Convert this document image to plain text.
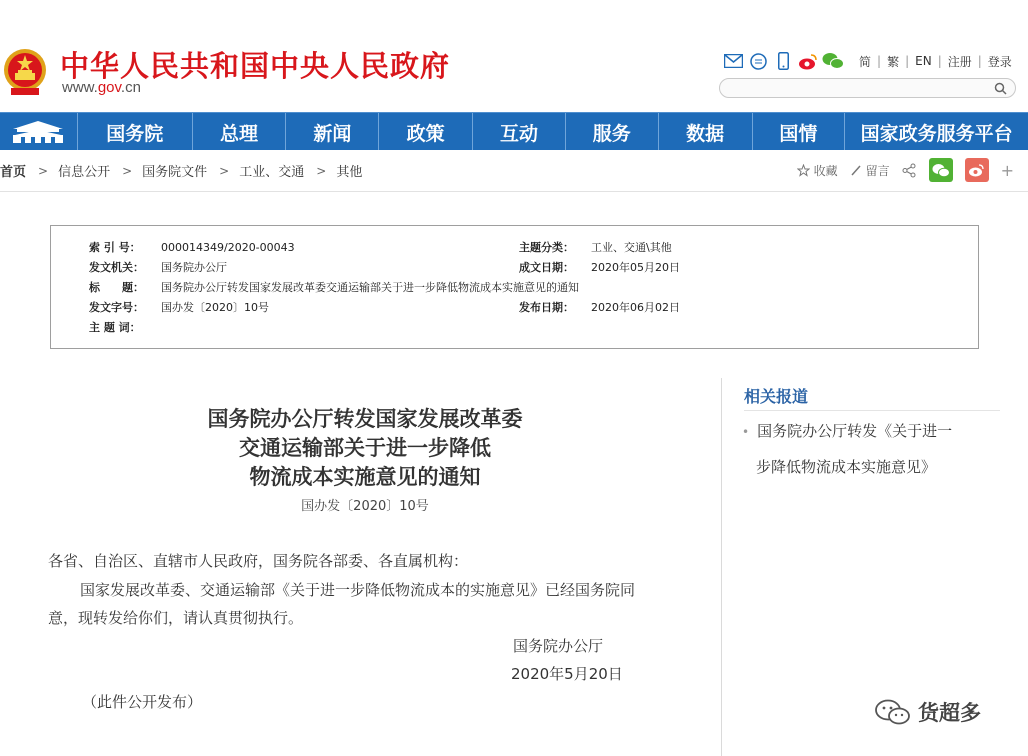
中华人民共和国中央人民政府
www.gov.cn
简 | 繁 | EN | 注册 | 登录
国务院	总理	新闻	政策	互动	服务	数据	国情	国家政务服务平台
首页 > 信息公开 > 国务院文件 > 工业、交通 > 其他	收藏 留言	+
索 引 号：	000014349/2020-00043	主题分类：	工业、交通\其他
发文机关：	国务院办公厅	成文日期：	2020年05月20日
标　　题：	国务院办公厅转发国家发展改革委交通运输部关于进一步降低物流成本实施意见的通知
发文字号：	国办发〔2020〕10号	发布日期：	2020年06月02日
主 题 词：
国务院办公厅转发国家发展改革委
交通运输部关于进一步降低
物流成本实施意见的通知
国办发〔2020〕10号
各省、自治区、直辖市人民政府，国务院各部委、各直属机构：
国家发展改革委、交通运输部《关于进一步降低物流成本的实施意见》已经国务院同
意，现转发给你们，请认真贯彻执行。
国务院办公厅
2020年5月20日
（此件公开发布）
相关报道
• 国务院办公厅转发《关于进一
步降低物流成本实施意见》
货超多
